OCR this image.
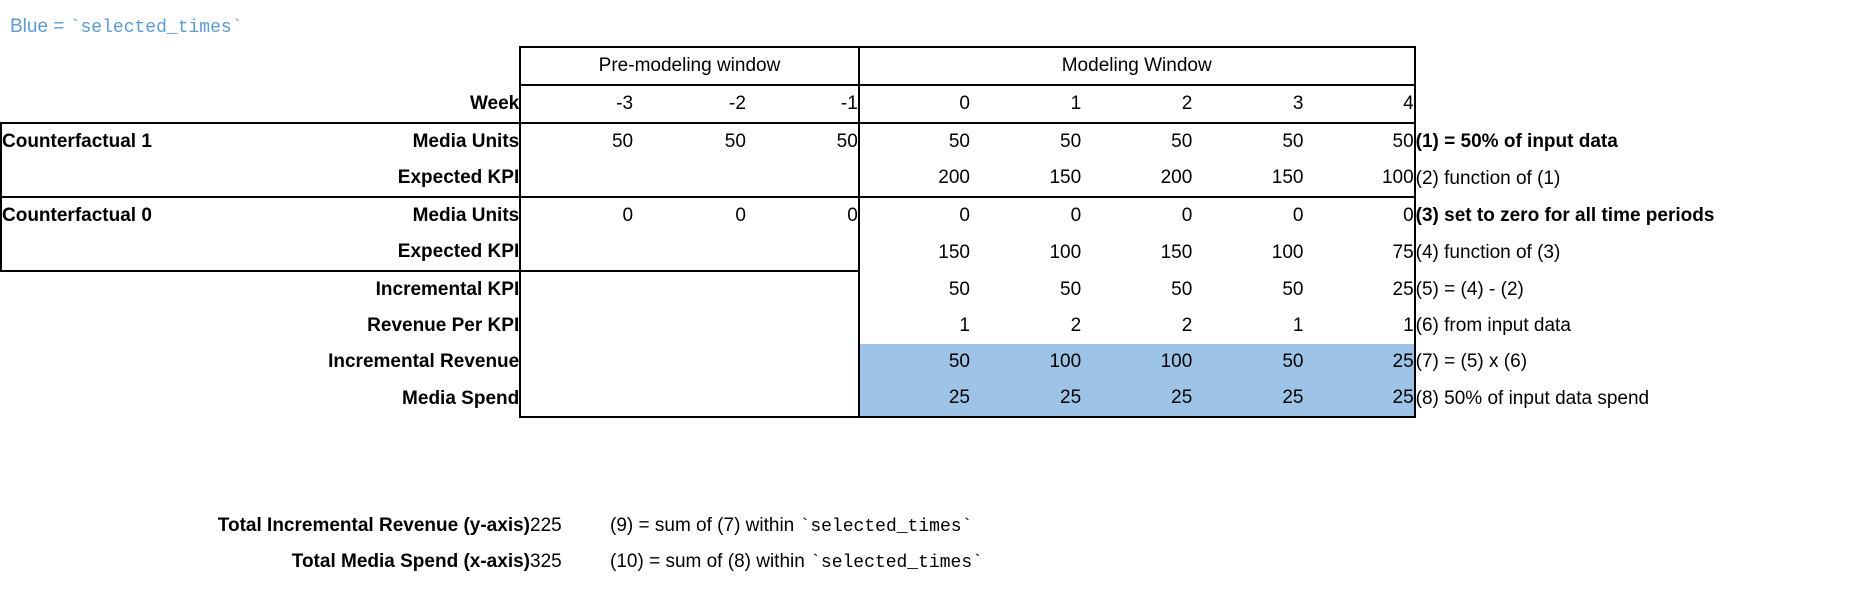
Blue = `selected_times`
		Pre-modeling window			Modeling Window					
	Week	-3	-2	-1	0	1	2	3	4	
Counterfactual 1	Media Units	50	50	50	50	50	50	50	50	(1) = 50% of input data
	Expected KPI				200	150	200	150	100	(2) function of (1)
Counterfactual 0	Media Units	0	0	0	0	0	0	0	0	(3) set to zero for all time periods
	Expected KPI				150	100	150	100	75	(4) function of (3)
	Incremental KPI				50	50	50	50	25	(5) = (4) - (2)
	Revenue Per KPI				1	2	2	1	1	(6) from input data
	Incremental Revenue				50	100	100	50	25	(7) = (5) x (6)
	Media Spend				25	25	25	25	25	(8) 50% of input data spend
Total Incremental Revenue (y-axis)	225	(9) = sum of (7) within `selected_times`
Total Media Spend (x-axis)	325	(10) = sum of (8) within `selected_times`
